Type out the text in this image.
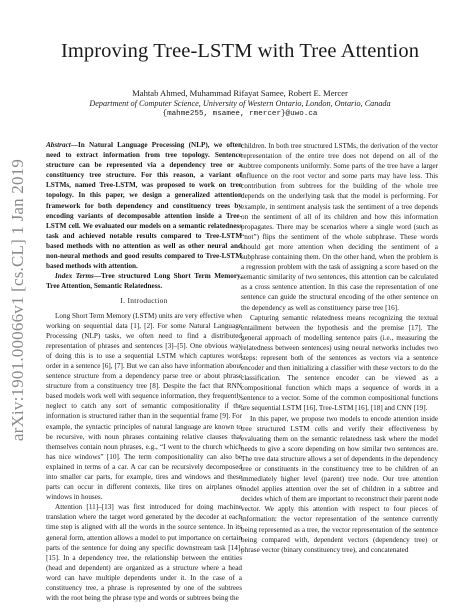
arXiv:1901.00066v1 [cs.CL] 1 Jan 2019
Improving Tree-LSTM with Tree Attention
Mahtab Ahmed, Muhammad Rifayat Samee, Robert E. Mercer
Department of Computer Science, University of Western Ontario, London, Ontario, Canada
{mahme255, msamee, rmercer}@uwo.ca

Abstract—In Natural Language Processing (NLP), we often need to extract information from tree topology. Sentence structure can be represented via a dependency tree or a constituency tree structure. For this reason, a variant of LSTMs, named Tree-LSTM, was proposed to work on tree topology. In this paper, we design a generalized attention framework for both dependency and constituency trees by encoding variants of decomposable attention inside a Tree-LSTM cell. We evaluated our models on a semantic relatedness task and achieved notable results compared to Tree-LSTM based methods with no attention as well as other neural and non-neural methods and good results compared to Tree-LSTM based methods with attention.

Index Terms—Tree structured Long Short Term Memory, Tree Attention, Semantic Relatedness.

I. Introduction

Long Short Term Memory (LSTM) units are very effective when working on sequential data [1], [2]. For some Natural Language Processing (NLP) tasks, we often need to find a distributed representation of phrases and sentences [3]–[5]. One obvious way of doing this is to use a sequential LSTM which captures word order in a sentence [6], [7]. But we can also have information about sentence structure from a dependency parse tree or about phrase structure from a constituency tree [8]. Despite the fact that RNN based models work well with sequence information, they frequently neglect to catch any sort of semantic compositionality if the information is structured rather than in the sequential frame [9]. For example, the syntactic principles of natural language are known to be recursive, with noun phrases containing relative clauses that themselves contain noun phrases, e.g., “I went to the church which has nice windows” [10]. The term compositionality can also be explained in terms of a car. A car can be recursively decomposed into smaller car parts, for example, tires and windows and these parts can occur in different contexts, like tires on airplanes or windows in houses.

Attention [11]–[13] was first introduced for doing machine translation where the target word generated by the decoder at each time step is aligned with all the words in the source sentence. In its general form, attention allows a model to put importance on certain parts of the sentence for doing any specific downstream task [14], [15]. In a dependency tree, the relationship between the entities (head and dependent) are organized as a structure where a head word can have multiple dependents under it. In the case of a constituency tree, a phrase is represented by one of the subtrees with the root being the phrase type and words or subtrees being the

children. In both tree structured LSTMs, the derivation of the vector representation of the entire tree does not depend on all of the subtree components uniformly. Some parts of the tree have a larger influence on the root vector and some parts may have less. This contribution from subtrees for the building of the whole tree depends on the underlying task that the model is performing. For example, in sentiment analysis task the sentiment of a tree depends on the sentiment of all of its children and how this information propagates. There may be scenarios where a single word (such as “not”) flips the sentiment of the whole subphrase. These words should get more attention when deciding the sentiment of a subphrase containing them. On the other hand, when the problem is a regression problem with the task of assigning a score based on the semantic similarity of two sentences, this attention can be calculated as a cross sentence attention. In this case the representation of one sentence can guide the structural encoding of the other sentence on the dependency as well as constituency parse tree [16].

Capturing semantic relatedness means recognizing the textual entailment between the hypothesis and the premise [17]. The general approach of modelling sentence pairs (i.e., measuring the relatedness between sentences) using neural networks includes two steps: represent both of the sentences as vectors via a sentence encoder and then initializing a classifier with these vectors to do the classification. The sentence encoder can be viewed as a compositional function which maps a sequence of words in a sentence to a vector. Some of the common compositional functions are sequential LSTM [16], Tree-LSTM [16], [18] and CNN [19].

In this paper, we propose two models to encode attention inside tree structured LSTM cells and verify their effectiveness by evaluating them on the semantic relatedness task where the model needs to give a score depending on how similar two sentences are. The tree data structure allows a set of dependents in the dependency tree or constituents in the constituency tree to be children of an immediately higher level (parent) tree node. Our tree attention model applies attention over the set of children in a subtree and decides which of them are important to reconstruct their parent node vector. We apply this attention with respect to four pieces of information: the vector representation of the sentence currently being represented as a tree, the vector representation of the sentence being compared with, dependent vectors (dependency tree) or phrase vector (binary constituency tree), and concatenated
